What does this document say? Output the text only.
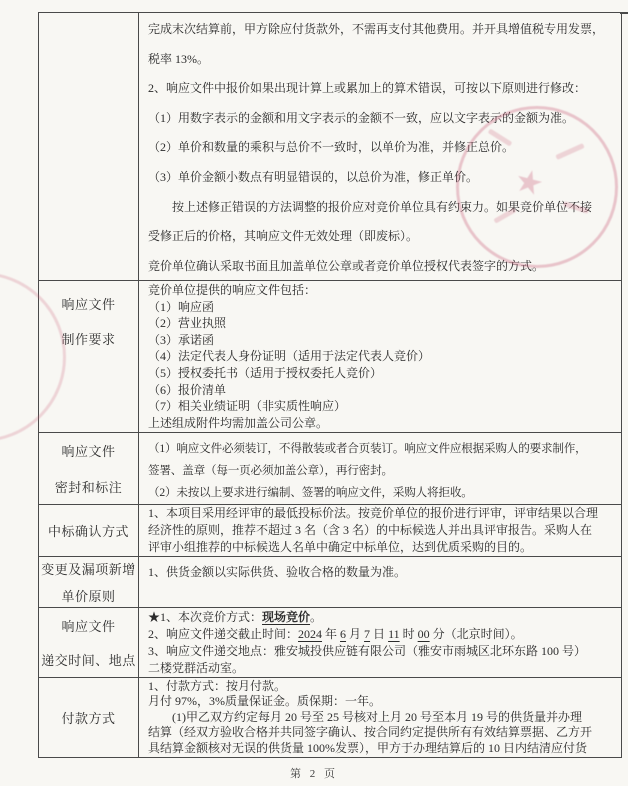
完成末次结算前，甲方除应付货款外，不需再支付其他费用。并开具增值税专用发票，
税率 13%。
2、响应文件中报价如果出现计算上或累加上的算术错误，可按以下原则进行修改：
（1）用数字表示的金额和用文字表示的金额不一致，应以文字表示的金额为准。
（2）单价和数量的乘积与总价不一致时，以单价为准，并修正总价。
（3）单价金额小数点有明显错误的，以总价为准，修正单价。
　　按上述修正错误的方法调整的报价应对竞价单位具有约束力。如果竞价单位不接
受修正后的价格，其响应文件无效处理（即废标）。
竞价单位确认采取书面且加盖单位公章或者竞价单位授权代表签字的方式。
响应文件
制作要求
竞价单位提供的响应文件包括：
（1）响应函
（2）营业执照
（3）承诺函
（4）法定代表人身份证明（适用于法定代表人竞价）
（5）授权委托书（适用于授权委托人竞价）
（6）报价清单
（7）相关业绩证明（非实质性响应）
上述组成附件均需加盖公司公章。
响应文件
密封和标注
（1）响应文件必须装订，不得散装或者合页装订。响应文件应根据采购人的要求制作，
签署、盖章（每一页必须加盖公章），再行密封。
（2）未按以上要求进行编制、签署的响应文件，采购人将拒收。
中标确认方式
1、本项目采用经评审的最低投标价法。按竞价单位的报价进行评审，评审结果以合理
经济性的原则，推荐不超过 3 名（含 3 名）的中标候选人并出具评审报告。采购人在
评审小组推荐的中标候选人名单中确定中标单位，达到优质采购的目的。
变更及漏项新增
单价原则
1、供货金额以实际供货、验收合格的数量为准。
响应文件
递交时间、地点
★1、本次竞价方式：现场竞价。
2、响应文件递交截止时间：2024 年 6 月 7 日 11 时 00 分（北京时间）。
3、响应文件递交地点：雅安城投供应链有限公司（雅安市雨城区北环东路 100 号）
二楼党群活动室。
付款方式
1、付款方式：按月付款。
月付 97%，3%质量保证金。质保期：一年。
　　(1)甲乙双方约定每月 20 号至 25 号核对上月 20 号至本月 19 号的供货量并办理
结算（经双方验收合格并共同签字确认、按合同约定提供所有有效结算票据、乙方开
具结算金额核对无误的供货量 100%发票），甲方于办理结算后的 10 日内结清应付货
★
第 2 页
